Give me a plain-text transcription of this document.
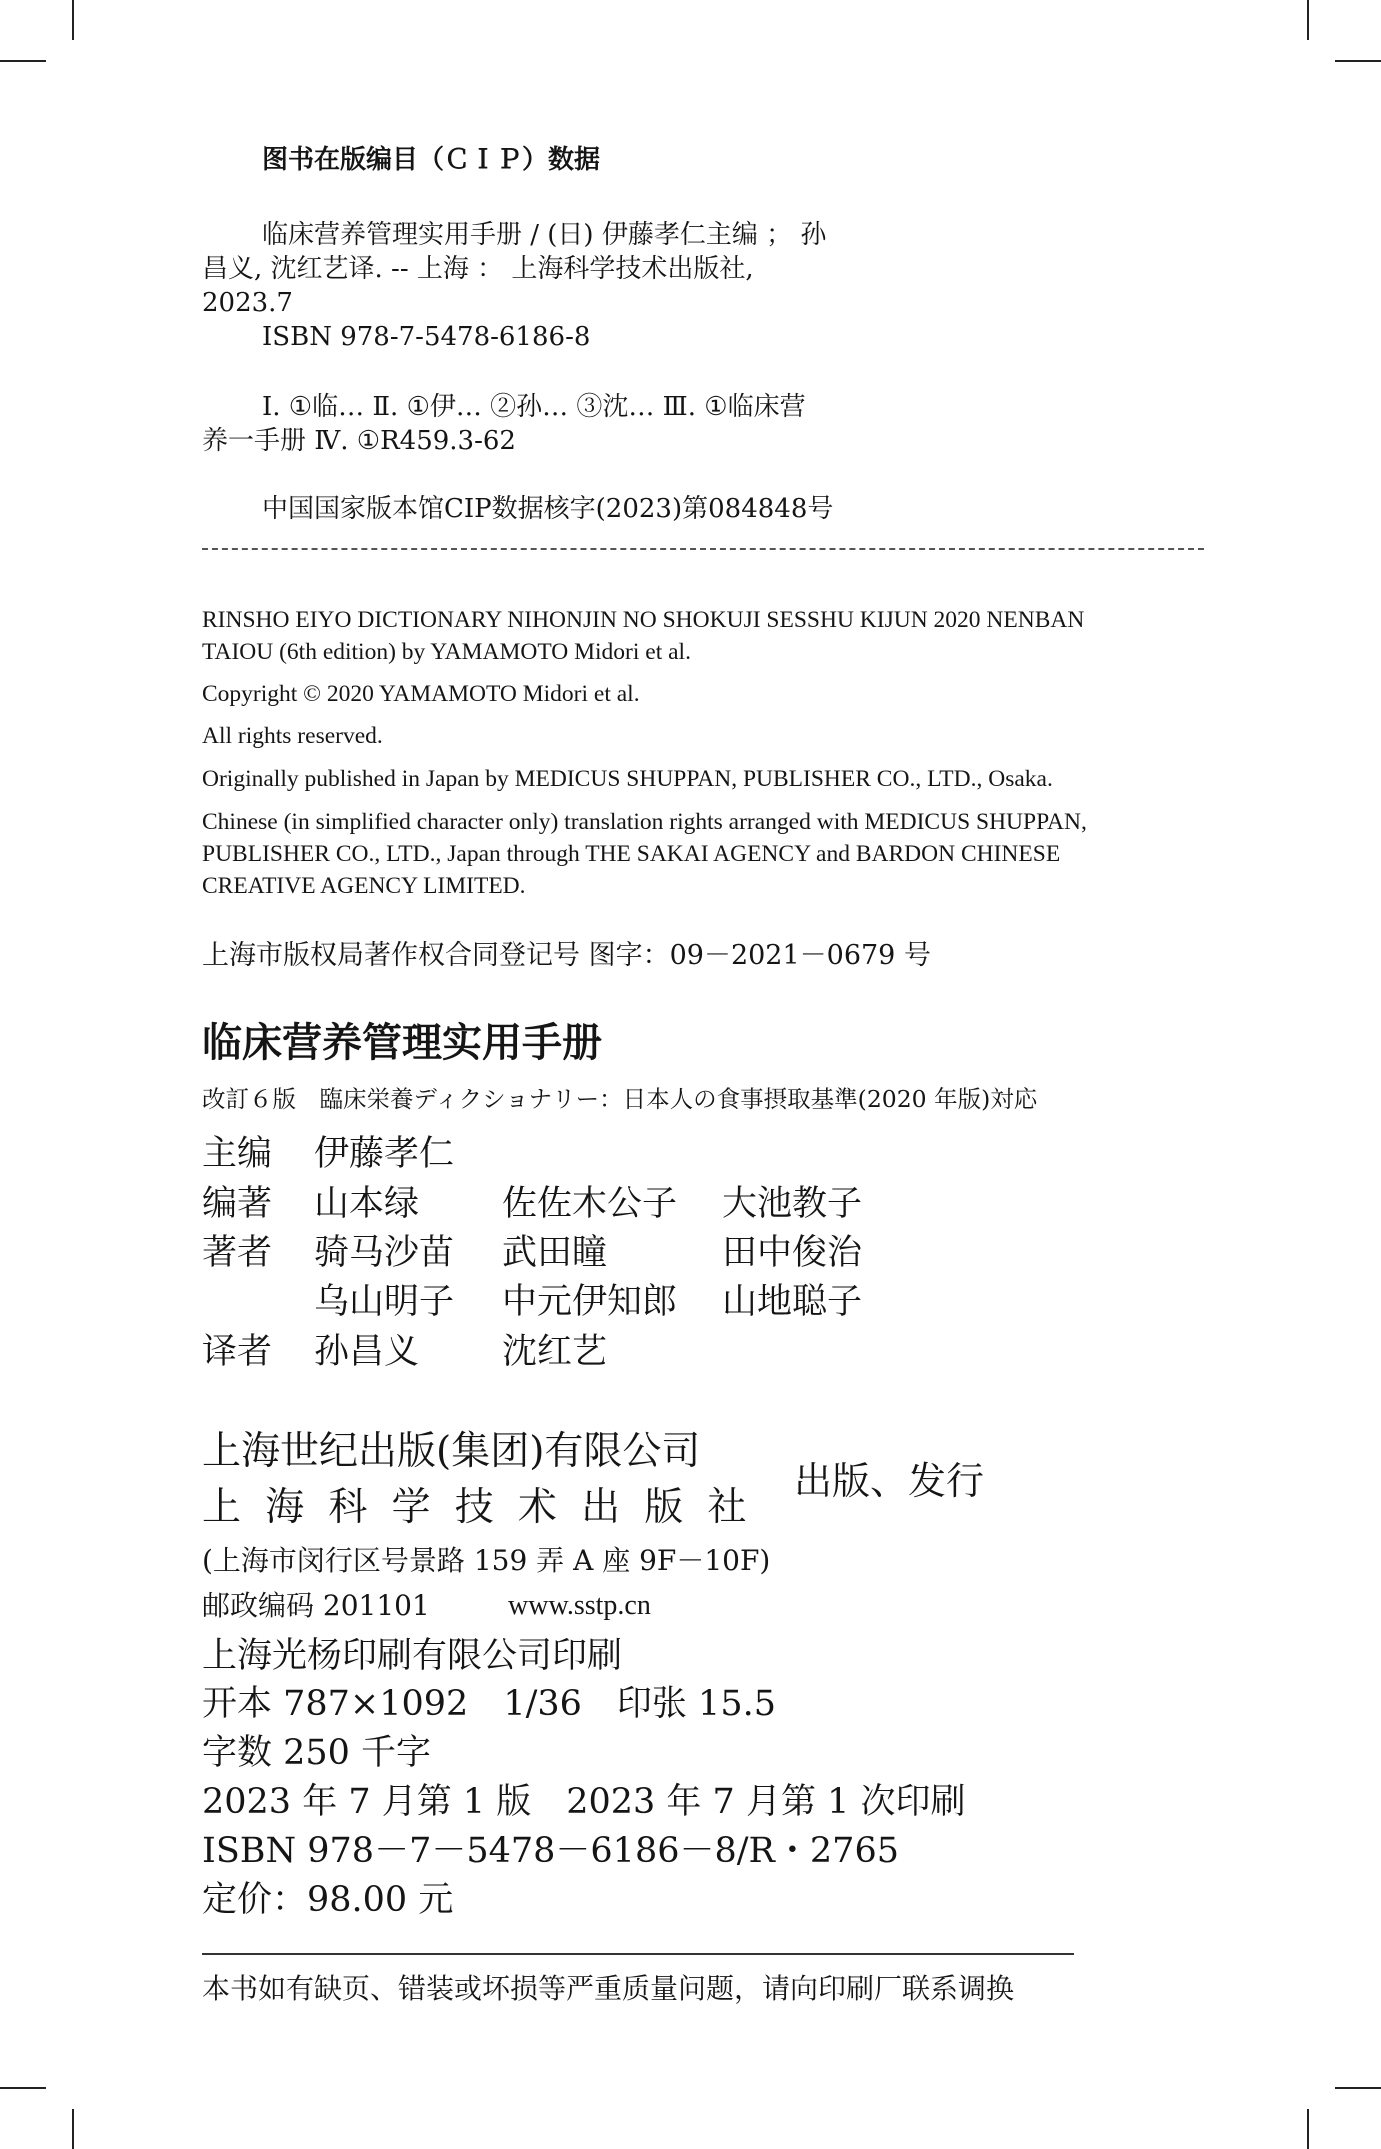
图书在版编目（ＣＩＰ）数据
临床营养管理实用手册 / (日) 伊藤孝仁主编 ； 孙
昌义, 沈红艺译. -- 上海 ： 上海科学技术出版社,
2023.7
ISBN 978-7-5478-6186-8
Ⅰ. ①临… Ⅱ. ①伊… ②孙… ③沈… Ⅲ. ①临床营
养一手册 Ⅳ. ①R459.3-62
中国国家版本馆CIP数据核字(2023)第084848号
RINSHO EIYO DICTIONARY NIHONJIN NO SHOKUJI SESSHU KIJUN 2020 NENBAN
TAIOU (6th edition) by YAMAMOTO Midori et al.
Copyright © 2020 YAMAMOTO Midori et al.
All rights reserved.
Originally published in Japan by MEDICUS SHUPPAN, PUBLISHER CO., LTD., Osaka.
Chinese (in simplified character only) translation rights arranged with MEDICUS SHUPPAN,
PUBLISHER CO., LTD., Japan through THE SAKAI AGENCY and BARDON CHINESE
CREATIVE AGENCY LIMITED.
上海市版权局著作权合同登记号 图字：09－2021－0679 号
临床营养管理实用手册
改訂６版　臨床栄養ディクショナリー：日本人の食事摂取基準(2020 年版)対応
主编 伊藤孝仁
编著 山本绿 佐佐木公子 大池教子
著者 骑马沙苗 武田瞳	田中俊治
乌山明子 中元伊知郎 山地聪子
译者 孙昌义 沈红艺
上海世纪出版(集团)有限公司
上海科学技术出版社
出版、发行
(上海市闵行区号景路 159 弄 A 座 9F－10F)
邮政编码 201101	www.sstp.cn
上海光杨印刷有限公司印刷
开本 787×1092　1/36　印张 15.5
字数 250 千字
2023 年 7 月第 1 版　2023 年 7 月第 1 次印刷
ISBN 978－7－5478－6186－8/R・2765
定价：98.00 元
本书如有缺页、错装或坏损等严重质量问题，请向印刷厂联系调换
